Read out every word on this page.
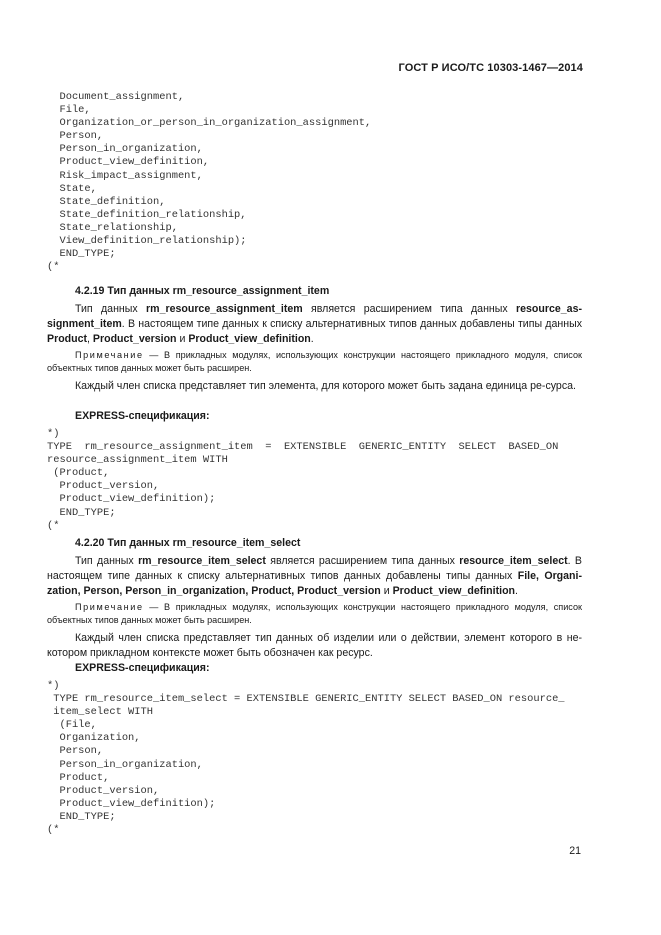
ГОСТ Р ИСО/ТС 10303-1467—2014
Document_assignment,
File,
Organization_or_person_in_organization_assignment,
Person,
Person_in_organization,
Product_view_definition,
Risk_impact_assignment,
State,
State_definition,
State_definition_relationship,
State_relationship,
View_definition_relationship);
END_TYPE;
(*
4.2.19 Тип данных rm_resource_assignment_item

Тип данных rm_resource_assignment_item является расширением типа данных resource_as-signment_item. В настоящем типе данных к списку альтернативных типов данных добавлены типы данных Product, Product_version и Product_view_definition.

Примечание — В прикладных модулях, использующих конструкции настоящего прикладного модуля, список объектных типов данных может быть расширен.

Каждый член списка представляет тип элемента, для которого может быть задана единица ре-сурса.

EXPRESS-спецификация:
*)
TYPE  rm_resource_assignment_item  =  EXTENSIBLE  GENERIC_ENTITY  SELECT  BASED_ON
resource_assignment_item WITH
(Product,
Product_version,
Product_view_definition);
END_TYPE;
(*
4.2.20 Тип данных rm_resource_item_select

Тип данных rm_resource_item_select является расширением типа данных resource_item_select. В настоящем типе данных к списку альтернативных типов данных добавлены типы данных File, Organi-zation, Person, Person_in_organization, Product, Product_version и Product_view_definition.

Примечание — В прикладных модулях, использующих конструкции настоящего прикладного модуля, список объектных типов данных может быть расширен.

Каждый член списка представляет тип данных об изделии или о действии, элемент которого в не-котором прикладном контексте может быть обозначен как ресурс.

EXPRESS-спецификация:
*)
TYPE rm_resource_item_select = EXTENSIBLE GENERIC_ENTITY SELECT BASED_ON resource_
item_select WITH
(File,
Organization,
Person,
Person_in_organization,
Product,
Product_version,
Product_view_definition);
END_TYPE;
(*
21
